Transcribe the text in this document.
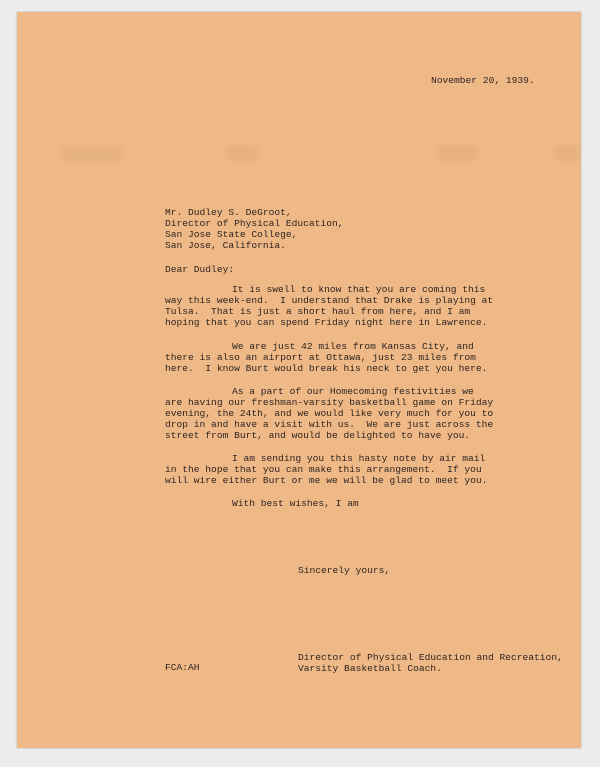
November 20, 1939.

Mr. Dudley S. DeGroot,
Director of Physical Education,
San Jose State College,
San Jose, California.

Dear Dudley:

It is swell to know that you are coming this
way this week-end.  I understand that Drake is playing at
Tulsa.  That is just a short haul from here, and I am
hoping that you can spend Friday night here in Lawrence.
We are just 42 miles from Kansas City, and
there is also an airport at Ottawa, just 23 miles from
here.  I know Burt would break his neck to get you here.
As a part of our Homecoming festivities we
are having our freshman-varsity basketball game on Friday
evening, the 24th, and we would like very much for you to
drop in and have a visit with us.  We are just across the
street from Burt, and would be delighted to have you.
I am sending you this hasty note by air mail
in the hope that you can make this arrangement.  If you
will wire either Burt or me we will be glad to meet you.

With best wishes, I am

Sincerely yours,

Director of Physical Education and Recreation,
Varsity Basketball Coach.

FCA:AH
